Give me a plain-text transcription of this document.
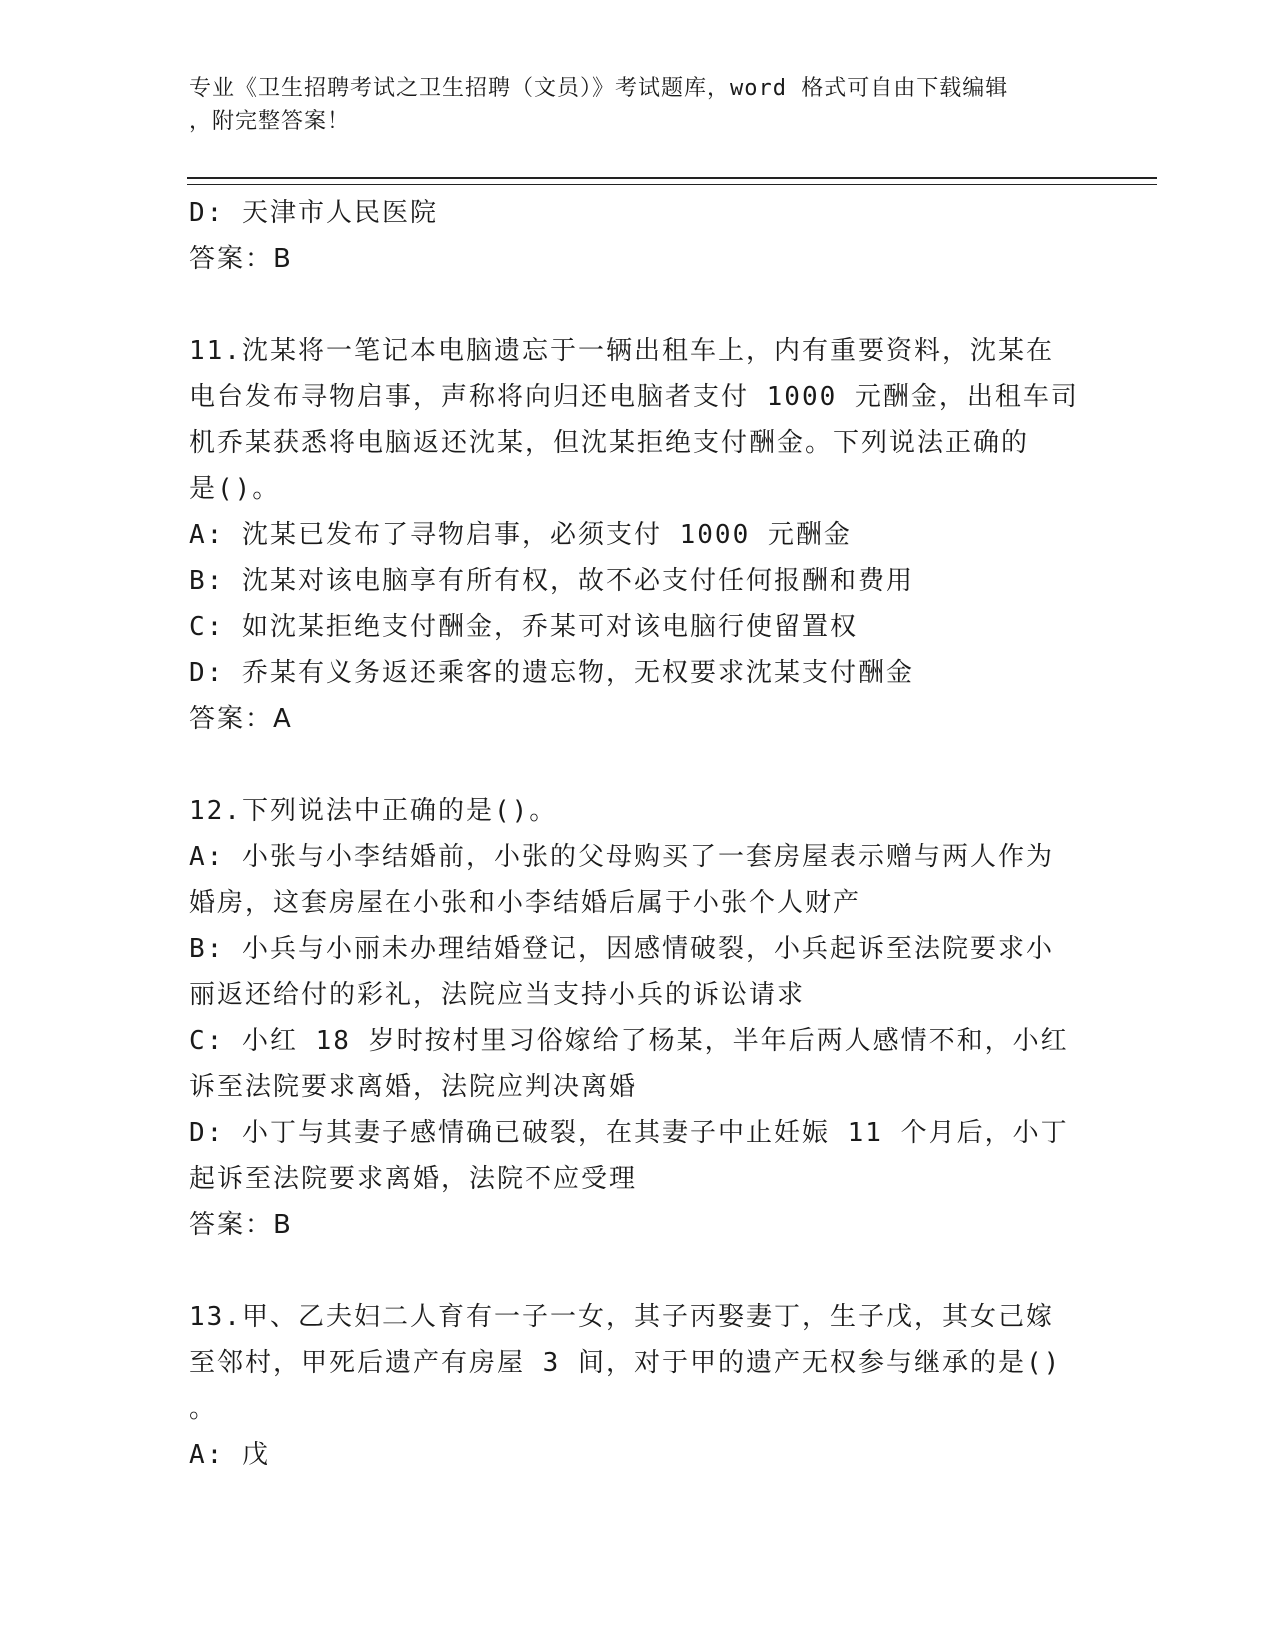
专业《卫生招聘考试之卫生招聘（文员）》考试题库，word 格式可自由下载编辑
，附完整答案！
D: 天津市人民医院
答案：B
11.沈某将一笔记本电脑遗忘于一辆出租车上，内有重要资料，沈某在
电台发布寻物启事，声称将向归还电脑者支付 1000 元酬金，出租车司
机乔某获悉将电脑返还沈某，但沈某拒绝支付酬金。下列说法正确的
是()。
A: 沈某已发布了寻物启事，必须支付 1000 元酬金
B: 沈某对该电脑享有所有权，故不必支付任何报酬和费用
C: 如沈某拒绝支付酬金，乔某可对该电脑行使留置权
D: 乔某有义务返还乘客的遗忘物，无权要求沈某支付酬金
答案：A
12.下列说法中正确的是()。
A: 小张与小李结婚前，小张的父母购买了一套房屋表示赠与两人作为
婚房，这套房屋在小张和小李结婚后属于小张个人财产
B: 小兵与小丽未办理结婚登记，因感情破裂，小兵起诉至法院要求小
丽返还给付的彩礼，法院应当支持小兵的诉讼请求
C: 小红 18 岁时按村里习俗嫁给了杨某，半年后两人感情不和，小红
诉至法院要求离婚，法院应判决离婚
D: 小丁与其妻子感情确已破裂，在其妻子中止妊娠 11 个月后，小丁
起诉至法院要求离婚，法院不应受理
答案：B
13.甲、乙夫妇二人育有一子一女，其子丙娶妻丁，生子戊，其女己嫁
至邻村，甲死后遗产有房屋 3 间，对于甲的遗产无权参与继承的是()
。
A: 戊
